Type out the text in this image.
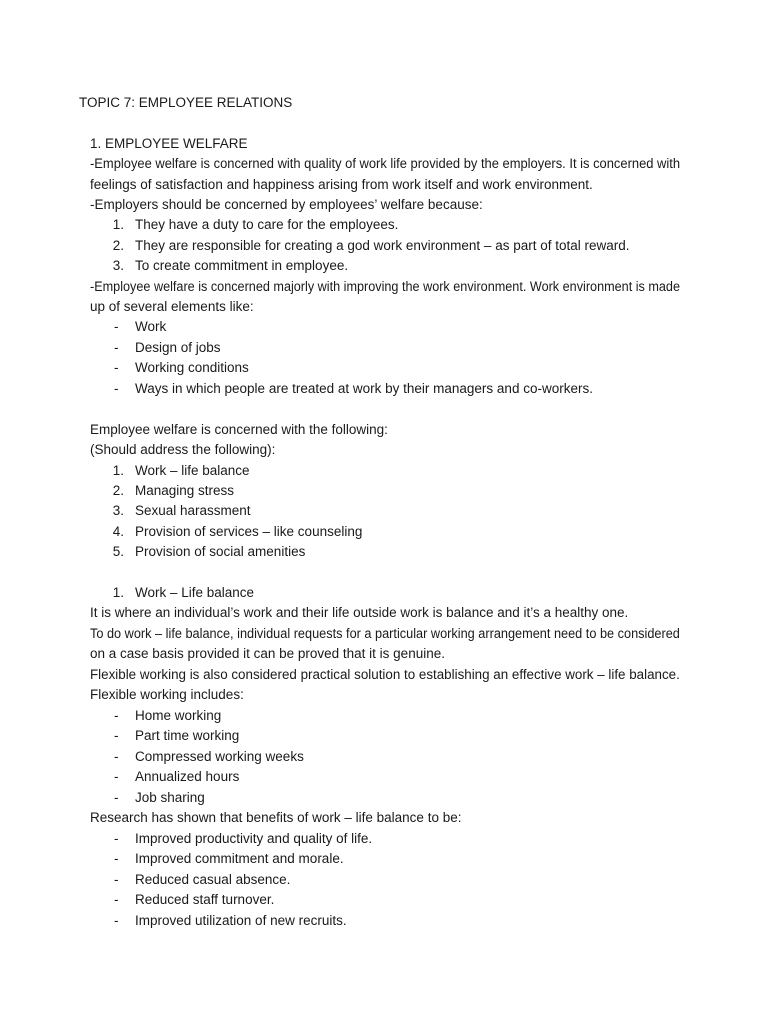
TOPIC 7: EMPLOYEE RELATIONS
1. EMPLOYEE WELFARE
-Employee welfare is concerned with quality of work life provided by the employers. It is concerned with
feelings of satisfaction and happiness arising from work itself and work environment.
-Employers should be concerned by employees’ welfare because:
1. They have a duty to care for the employees.
2. They are responsible for creating a god work environment – as part of total reward.
3. To create commitment in employee.
-Employee welfare is concerned majorly with improving the work environment. Work environment is made
up of several elements like:
- Work
- Design of jobs
- Working conditions
- Ways in which people are treated at work by their managers and co-workers.
Employee welfare is concerned with the following:
(Should address the following):
1. Work – life balance
2. Managing stress
3. Sexual harassment
4. Provision of services – like counseling
5. Provision of social amenities
1. Work – Life balance
It is where an individual’s work and their life outside work is balance and it’s a healthy one.
To do work – life balance, individual requests for a particular working arrangement need to be considered
on a case basis provided it can be proved that it is genuine.
Flexible working is also considered practical solution to establishing an effective work – life balance.
Flexible working includes:
- Home working
- Part time working
- Compressed working weeks
- Annualized hours
- Job sharing
Research has shown that benefits of work – life balance to be:
- Improved productivity and quality of life.
- Improved commitment and morale.
- Reduced casual absence.
- Reduced staff turnover.
- Improved utilization of new recruits.
